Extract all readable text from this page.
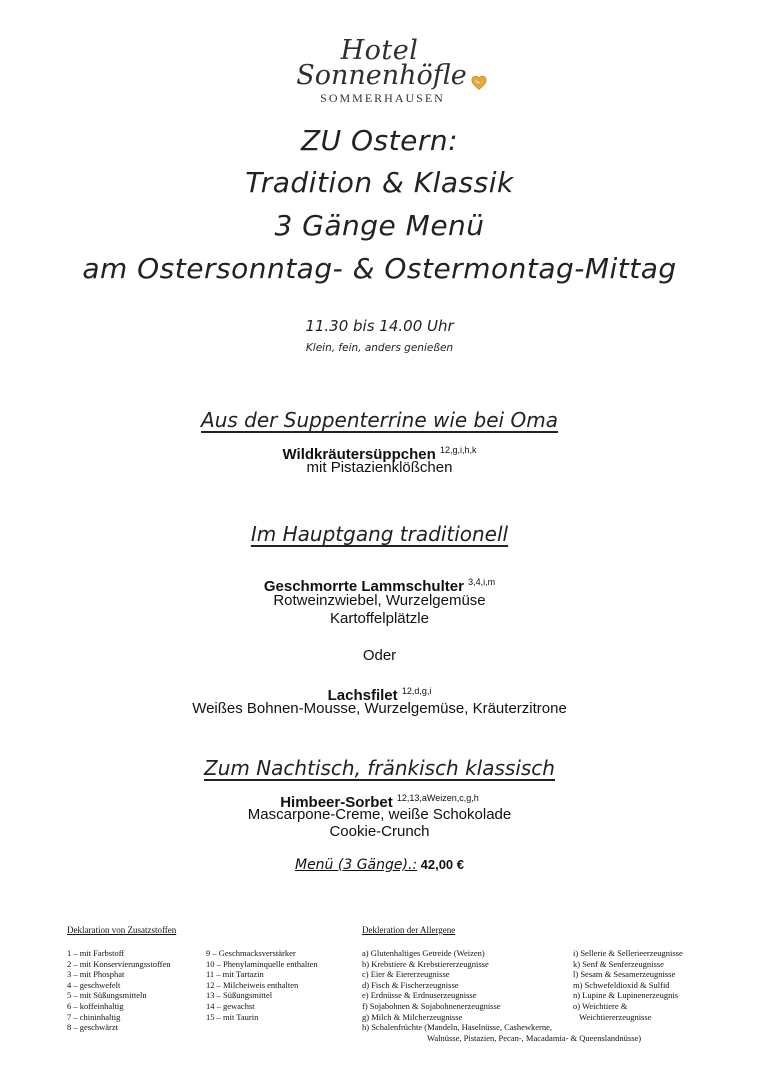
Hotel
Sonnenhöfle
SOMMERHAUSEN
ZU Ostern:
Tradition & Klassik
3 Gänge Menü
am Ostersonntag- & Ostermontag-Mittag
11.30 bis 14.00 Uhr
Klein, fein, anders genießen
Aus der Suppenterrine wie bei Oma
Wildkräutersüppchen $^{12,g,i,h,k}$
mit Pistazienklößchen
Im Hauptgang traditionell
Geschmorrte Lammschulter $^{3,4,i,m}$
Rotweinzwiebel, Wurzelgemüse
Kartoffelplätzle
Oder
Lachsfilet $^{12,d,g,i}$
Weißes Bohnen-Mousse, Wurzelgemüse, Kräuterzitrone
Zum Nachtisch, fränkisch klassisch
Himbeer-Sorbet $^{12,13,aWeizen,c,g,h}$
Mascarpone-Creme, weiße Schokolade
Cookie-Crunch
Menü (3 Gänge).: 42,00 €
Deklaration von Zusatzstoffen
1 – mit Farbstoff
2 – mit Konservierungsstoffen
3 – mit Phosphat
4 – geschwefelt
5 – mit Süßungsmitteln
6 – koffeinhaltig
7 – chininhaltig
8 – geschwärzt
9 – Geschmacksverstärker
10 – Phenylaminquelle enthalten
11 – mit Tartazin
12 – Milcheiweis enthalten
13 – Süßungsmittel
14 – gewachst
15 – mit Taurin
Dekleration der Allergene
a) Glutenhaltiges Getreide (Weizen)
b) Krebstiere & Krebstiererzeugnisse
c) Eier & Eiererzeugnisse
d) Fisch & Fischerzeugnisse
e) Erdnüsse & Erdnuserzeugnisse
f) Sojabohnen & Sojabohnenerzeugnisse
g) Milch & Milcherzeugnisse
h) Schalenfrüchte (Mandeln, Haselnüsse, Cashewkerne,
Walnüsse, Pistazien, Pecan-, Macadamia- & Queenslandnüsse)
i) Sellerie & Sellerieerzeugnisse
k) Senf & Senferzeugnisse
l) Sesam & Sesamerzeugnisse
m) Schwefeldioxid & Sulfid
n) Lupine & Lupinenerzeugnis
o) Weichtiere &
Weichtiererzeugnisse
